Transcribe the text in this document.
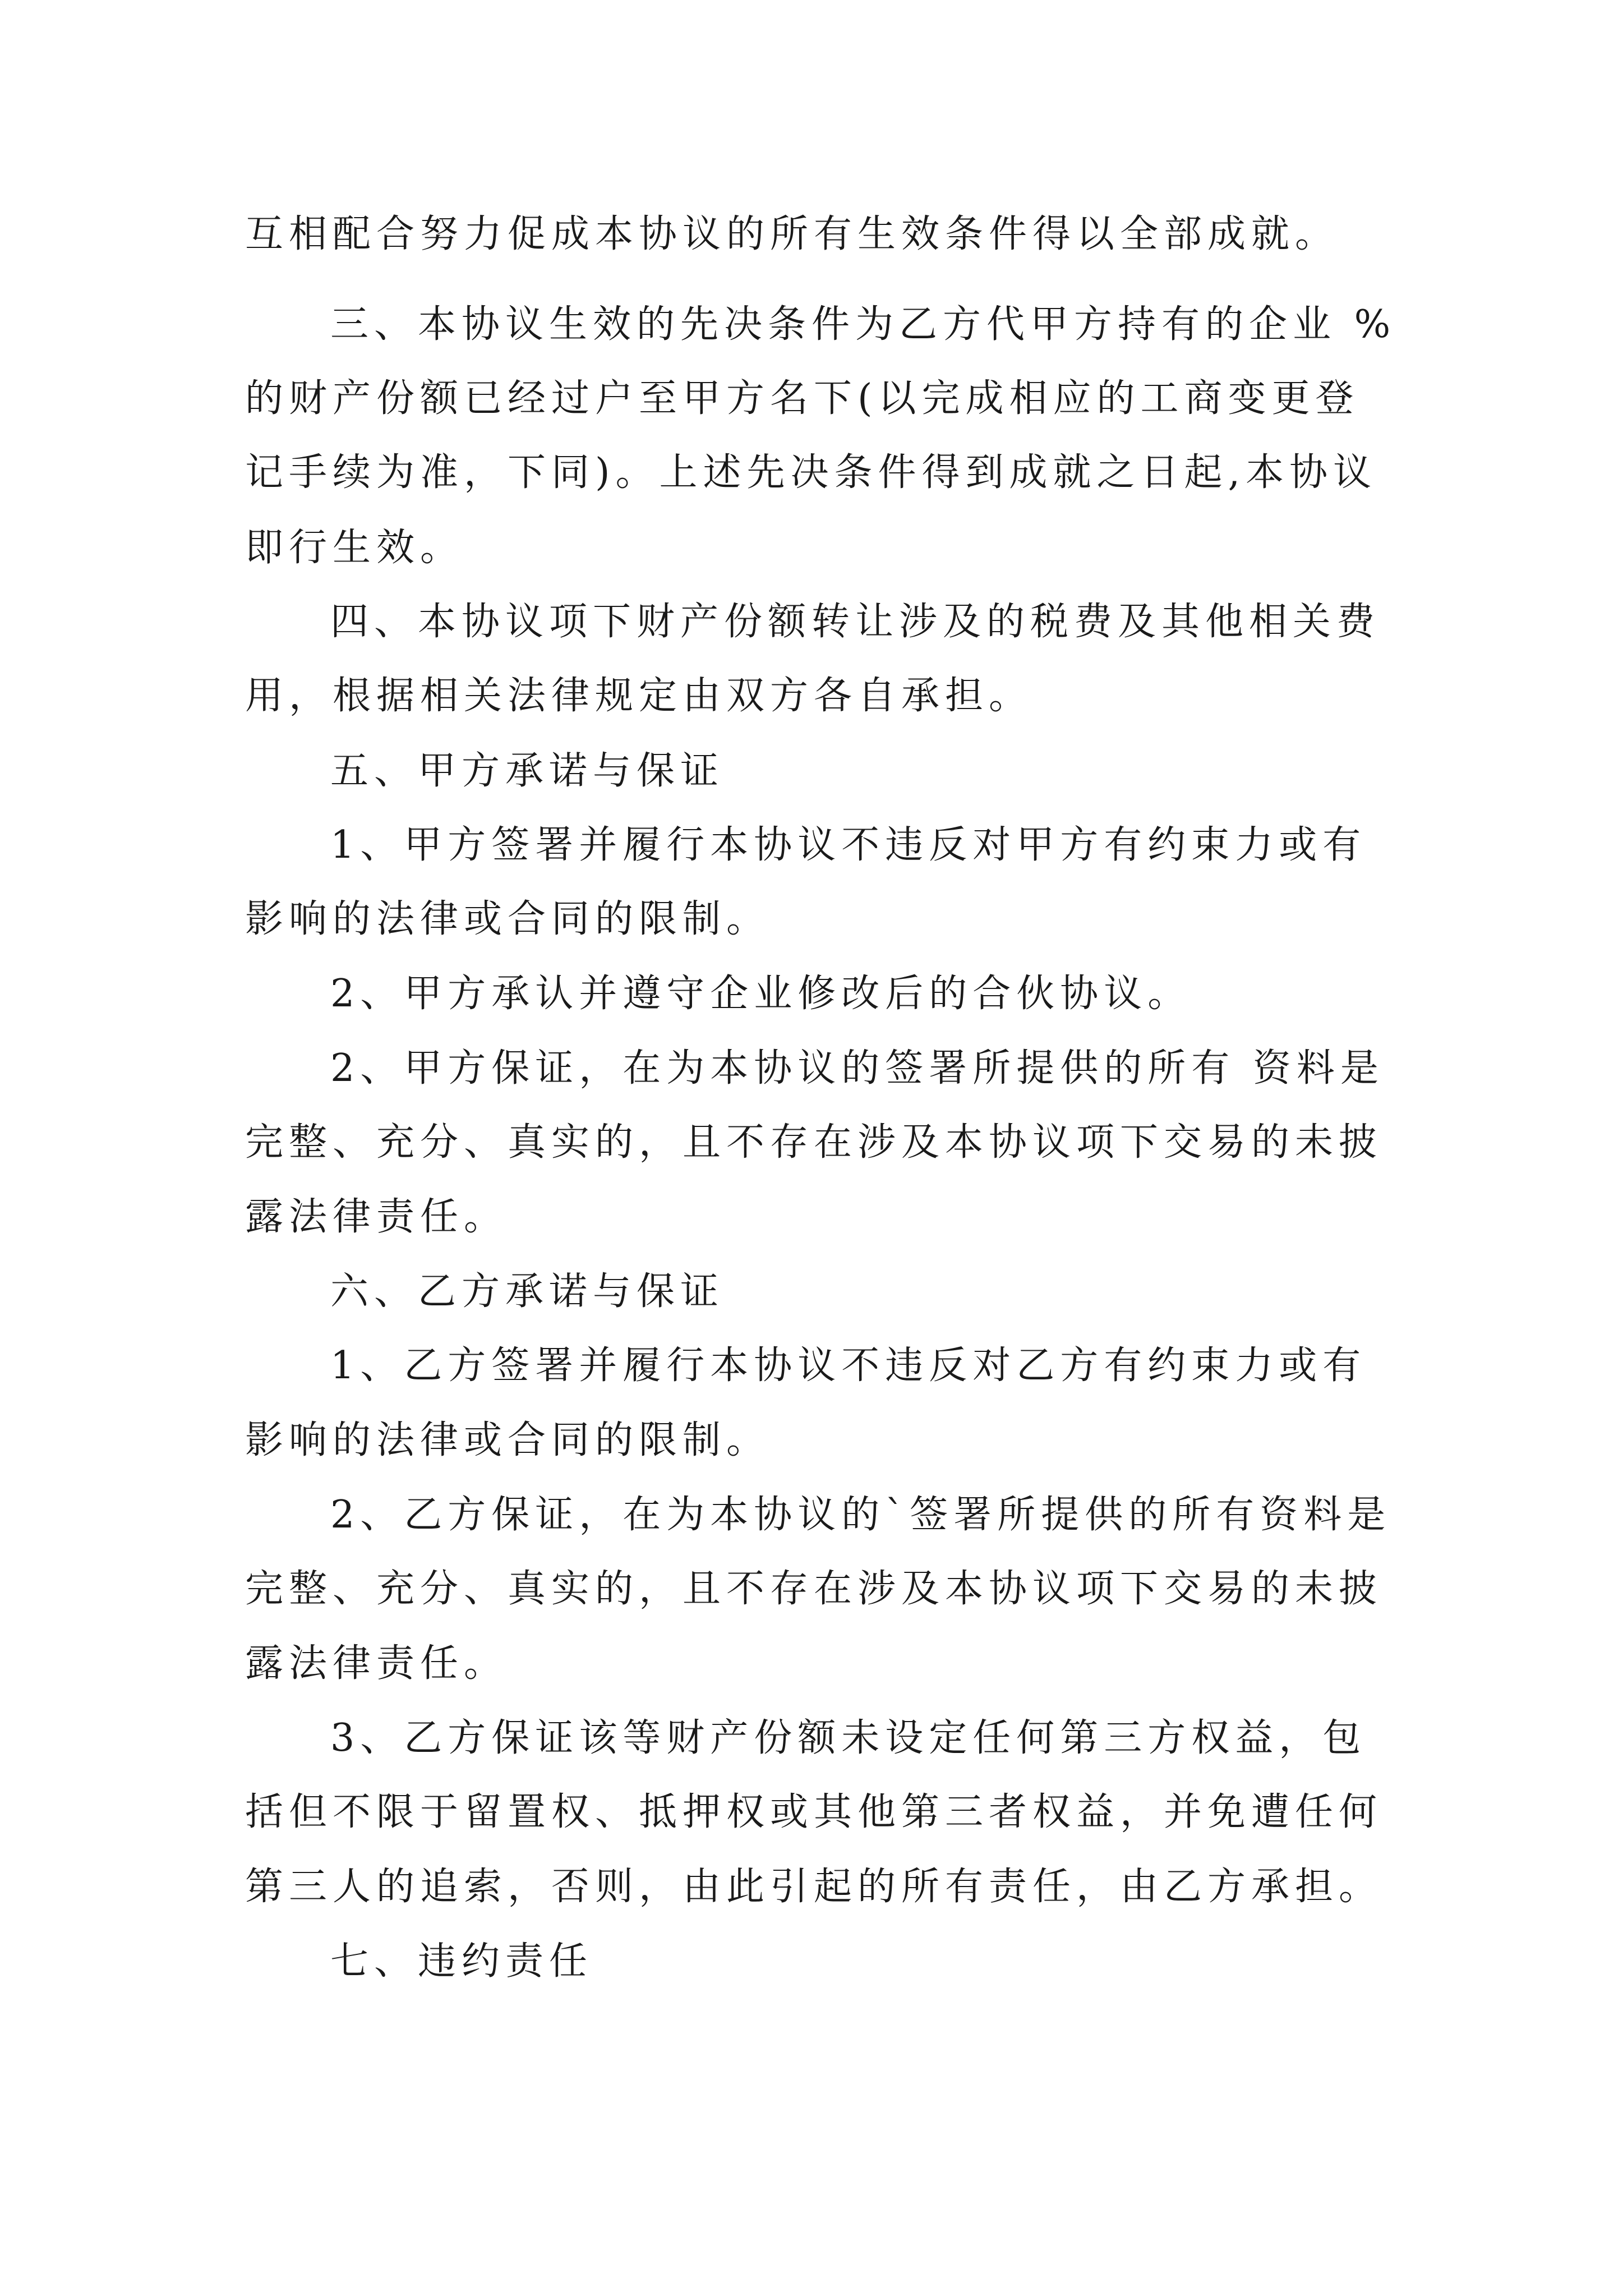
互相配合努力促成本协议的所有生效条件得以全部成就。
三、本协议生效的先决条件为乙方代甲方持有的企业 %
的财产份额已经过户至甲方名下(以完成相应的工商变更登
记手续为准，下同)。上述先决条件得到成就之日起,本协议
即行生效。
四、本协议项下财产份额转让涉及的税费及其他相关费
用，根据相关法律规定由双方各自承担。
五、甲方承诺与保证
1、甲方签署并履行本协议不违反对甲方有约束力或有
影响的法律或合同的限制。
2、甲方承认并遵守企业修改后的合伙协议。
2、甲方保证，在为本协议的签署所提供的所有 资料是
完整、充分、真实的，且不存在涉及本协议项下交易的未披
露法律责任。
六、乙方承诺与保证
1、乙方签署并履行本协议不违反对乙方有约束力或有
影响的法律或合同的限制。
2、乙方保证，在为本协议的`签署所提供的所有资料是
完整、充分、真实的，且不存在涉及本协议项下交易的未披
露法律责任。
3、乙方保证该等财产份额未设定任何第三方权益，包
括但不限于留置权、抵押权或其他第三者权益，并免遭任何
第三人的追索，否则，由此引起的所有责任，由乙方承担。
七、违约责任
